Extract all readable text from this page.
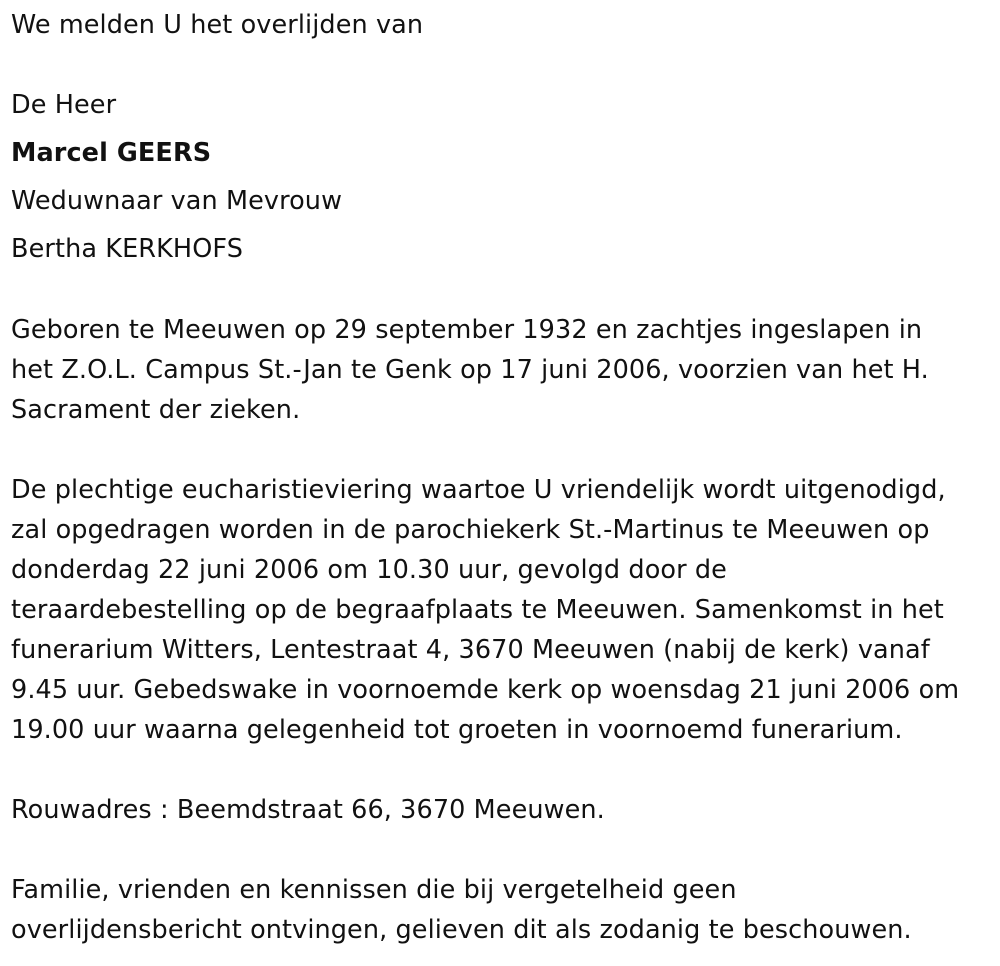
We melden U het overlijden van
De Heer
Marcel GEERS
Weduwnaar van Mevrouw
Bertha KERKHOFS
Geboren te Meeuwen op 29 september 1932 en zachtjes ingeslapen in
het Z.O.L. Campus St.-Jan te Genk op 17 juni 2006, voorzien van het H.
Sacrament der zieken.
De plechtige eucharistieviering waartoe U vriendelijk wordt uitgenodigd,
zal opgedragen worden in de parochiekerk St.-Martinus te Meeuwen op
donderdag 22 juni 2006 om 10.30 uur, gevolgd door de
teraardebestelling op de begraafplaats te Meeuwen. Samenkomst in het
funerarium Witters, Lentestraat 4, 3670 Meeuwen (nabij de kerk) vanaf
9.45 uur. Gebedswake in voornoemde kerk op woensdag 21 juni 2006 om
19.00 uur waarna gelegenheid tot groeten in voornoemd funerarium.
Rouwadres : Beemdstraat 66, 3670 Meeuwen.
Familie, vrienden en kennissen die bij vergetelheid geen
overlijdensbericht ontvingen, gelieven dit als zodanig te beschouwen.
